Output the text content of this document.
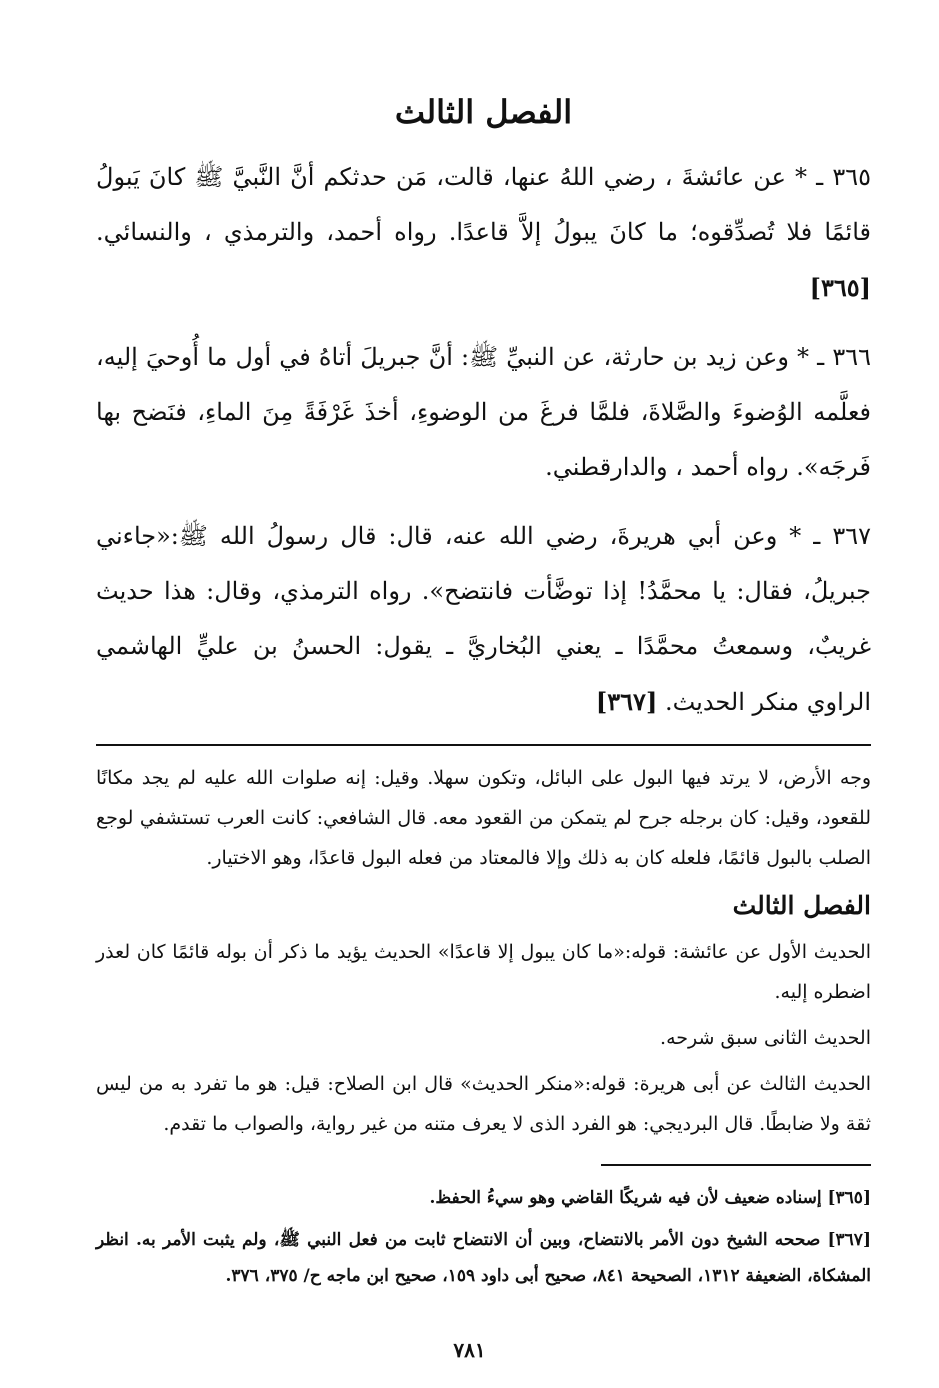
الفصل الثالث

٣٦٥ ـ * عن عائشةَ ، رضي اللهُ عنها، قالت، مَن حدثكم أنَّ النَّبيَّ ﷺ كانَ يَبولُ قائمًا فلا تُصدِّقوه؛ ما كانَ يبولُ إلاَّ قاعدًا. رواه أحمد، والترمذي ، والنسائي. [٣٦٥]

٣٦٦ ـ * وعن زيد بن حارثة، عن النبيِّ ﷺ: أنَّ جبريلَ أتاهُ في أول ما أُوحيَ إليه، فعلَّمه الوُضوءَ والصَّلاةَ، فلمَّا فرغَ من الوضوءِ، أخذَ غَرْفَةً مِنَ الماءِ، فنَضح بها فَرجَه». رواه أحمد ، والدارقطني.

٣٦٧ ـ * وعن أبي هريرةَ، رضي الله عنه، قال: قال رسولُ الله ﷺ:«جاءني جبريلُ، فقال: يا محمَّدُ! إذا توضَّأت فانتضح». رواه الترمذي، وقال: هذا حديث غريبٌ، وسمعتُ محمَّدًا ـ يعني البُخاريَّ ـ يقول: الحسنُ بن عليٍّ الهاشمي الراوي منكر الحديث. [٣٦٧]

وجه الأرض، لا يرتد فيها البول على البائل، وتكون سهلا. وقيل: إنه صلوات الله عليه لم يجد مكانًا للقعود، وقيل: كان برجله جرح لم يتمكن من القعود معه. قال الشافعي: كانت العرب تستشفي لوجع الصلب بالبول قائمًا، فلعله كان به ذلك وإلا فالمعتاد من فعله البول قاعدًا، وهو الاختيار.

الفصل الثالث

الحديث الأول عن عائشة: قوله:«ما كان يبول إلا قاعدًا» الحديث يؤيد ما ذكر أن بوله قائمًا كان لعذر اضطره إليه.

الحديث الثانى سبق شرحه.

الحديث الثالث عن أبى هريرة: قوله:«منكر الحديث» قال ابن الصلاح: قيل: هو ما تفرد به من ليس ثقة ولا ضابطًا. قال البرديجي: هو الفرد الذى لا يعرف متنه من غير رواية، والصواب ما تقدم.

[٣٦٥] إسناده ضعيف لأن فيه شريكًا القاضي وهو سيءُ الحفظ.

[٣٦٧] صححه الشيخ دون الأمر بالانتضاح، وبين أن الانتضاح ثابت من فعل النبي ﷺ، ولم يثبت الأمر به. انظر المشكاة، الضعيفة ١٣١٢، الصحيحة ٨٤١، صحيح أبى داود ١٥٩، صحيح ابن ماجه ح/ ٣٧٥، ٣٧٦.

٧٨١
